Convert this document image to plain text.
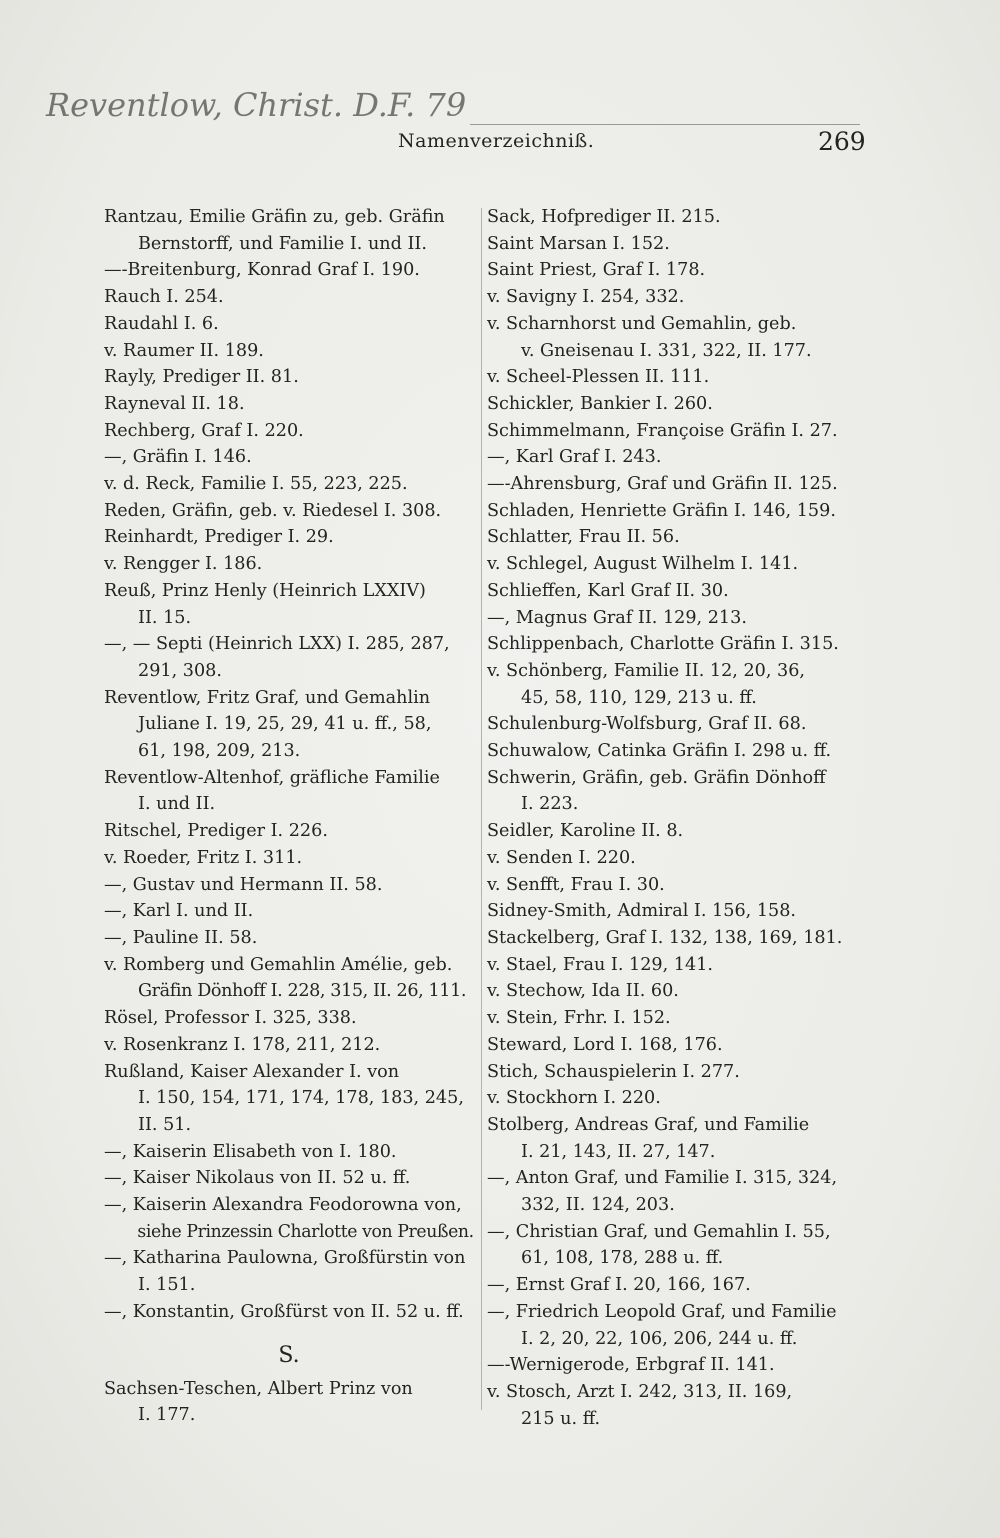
Reventlow, Christ. D.F. 79
Namenverzeichniß.	269
Rantzau, Emilie Gräfin zu, geb. Gräfin
Bernstorff, und Familie I. und II.
—-Breitenburg, Konrad Graf I. 190.
Rauch I. 254.
Raudahl I. 6.
v. Raumer II. 189.
Rayly, Prediger II. 81.
Rayneval II. 18.
Rechberg, Graf I. 220.
—, Gräfin I. 146.
v. d. Reck, Familie I. 55, 223, 225.
Reden, Gräfin, geb. v. Riedesel I. 308.
Reinhardt, Prediger I. 29.
v. Rengger I. 186.
Reuß, Prinz Henly (Heinrich LXXIV)
II. 15.
—, — Septi (Heinrich LXX) I. 285, 287,
291, 308.
Reventlow, Fritz Graf, und Gemahlin
Juliane I. 19, 25, 29, 41 u. ff., 58,
61, 198, 209, 213.
Reventlow-Altenhof, gräfliche Familie
I. und II.
Ritschel, Prediger I. 226.
v. Roeder, Fritz I. 311.
—, Gustav und Hermann II. 58.
—, Karl I. und II.
—, Pauline II. 58.
v. Romberg und Gemahlin Amélie, geb.
Gräfin Dönhoff I. 228, 315, II. 26, 111.
Rösel, Professor I. 325, 338.
v. Rosenkranz I. 178, 211, 212.
Rußland, Kaiser Alexander I. von
I. 150, 154, 171, 174, 178, 183, 245,
II. 51.
—, Kaiserin Elisabeth von I. 180.
—, Kaiser Nikolaus von II. 52 u. ff.
—, Kaiserin Alexandra Feodorowna von,
siehe Prinzessin Charlotte von Preußen.
—, Katharina Paulowna, Großfürstin von
I. 151.
—, Konstantin, Großfürst von II. 52 u. ff.
S.
Sachsen-Teschen, Albert Prinz von
I. 177.
Sack, Hofprediger II. 215.
Saint Marsan I. 152.
Saint Priest, Graf I. 178.
v. Savigny I. 254, 332.
v. Scharnhorst und Gemahlin, geb.
v. Gneisenau I. 331, 322, II. 177.
v. Scheel-Plessen II. 111.
Schickler, Bankier I. 260.
Schimmelmann, Françoise Gräfin I. 27.
—, Karl Graf I. 243.
—-Ahrensburg, Graf und Gräfin II. 125.
Schladen, Henriette Gräfin I. 146, 159.
Schlatter, Frau II. 56.
v. Schlegel, August Wilhelm I. 141.
Schlieffen, Karl Graf II. 30.
—, Magnus Graf II. 129, 213.
Schlippenbach, Charlotte Gräfin I. 315.
v. Schönberg, Familie II. 12, 20, 36,
45, 58, 110, 129, 213 u. ff.
Schulenburg-Wolfsburg, Graf II. 68.
Schuwalow, Catinka Gräfin I. 298 u. ff.
Schwerin, Gräfin, geb. Gräfin Dönhoff
I. 223.
Seidler, Karoline II. 8.
v. Senden I. 220.
v. Senfft, Frau I. 30.
Sidney-Smith, Admiral I. 156, 158.
Stackelberg, Graf I. 132, 138, 169, 181.
v. Stael, Frau I. 129, 141.
v. Stechow, Ida II. 60.
v. Stein, Frhr. I. 152.
Steward, Lord I. 168, 176.
Stich, Schauspielerin I. 277.
v. Stockhorn I. 220.
Stolberg, Andreas Graf, und Familie
I. 21, 143, II. 27, 147.
—, Anton Graf, und Familie I. 315, 324,
332, II. 124, 203.
—, Christian Graf, und Gemahlin I. 55,
61, 108, 178, 288 u. ff.
—, Ernst Graf I. 20, 166, 167.
—, Friedrich Leopold Graf, und Familie
I. 2, 20, 22, 106, 206, 244 u. ff.
—-Wernigerode, Erbgraf II. 141.
v. Stosch, Arzt I. 242, 313, II. 169,
215 u. ff.
